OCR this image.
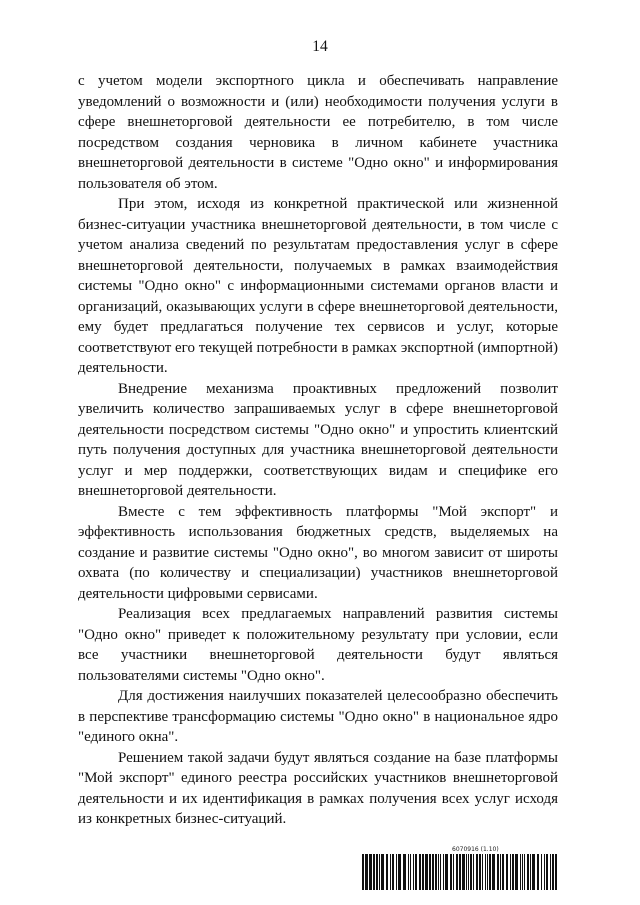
14

с учетом модели экспортного цикла и обеспечивать направление уведомлений о возможности и (или) необходимости получения услуги в сфере внешнеторговой деятельности ее потребителю, в том числе посредством создания черновика в личном кабинете участника внешнеторговой деятельности в системе "Одно окно" и информирования пользователя об этом.

При этом, исходя из конкретной практической или жизненной бизнес-ситуации участника внешнеторговой деятельности, в том числе с учетом анализа сведений по результатам предоставления услуг в сфере внешнеторговой деятельности, получаемых в рамках взаимодействия системы "Одно окно" с информационными системами органов власти и организаций, оказывающих услуги в сфере внешнеторговой деятельности, ему будет предлагаться получение тех сервисов и услуг, которые соответствуют его текущей потребности в рамках экспортной (импортной) деятельности.

Внедрение механизма проактивных предложений позволит увеличить количество запрашиваемых услуг в сфере внешнеторговой деятельности посредством системы "Одно окно" и упростить клиентский путь получения доступных для участника внешнеторговой деятельности услуг и мер поддержки, соответствующих видам и специфике его внешнеторговой деятельности.

Вместе с тем эффективность платформы "Мой экспорт" и эффективность использования бюджетных средств, выделяемых на создание и развитие системы "Одно окно", во многом зависит от широты охвата (по количеству и специализации) участников внешнеторговой деятельности цифровыми сервисами.

Реализация всех предлагаемых направлений развития системы "Одно окно" приведет к положительному результату при условии, если все участники внешнеторговой деятельности будут являться пользователями системы "Одно окно".

Для достижения наилучших показателей целесообразно обеспечить в перспективе трансформацию системы "Одно окно" в национальное ядро "единого окна".

Решением такой задачи будут являться создание на базе платформы "Мой экспорт" единого реестра российских участников внешнеторговой деятельности и их идентификация в рамках получения всех услуг исходя из конкретных бизнес-ситуаций.

6070916 (1.10)
